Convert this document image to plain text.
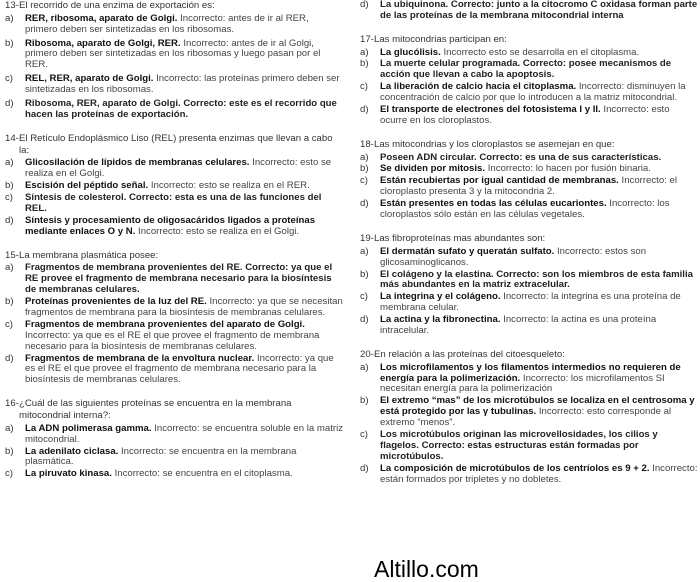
13-El recorrido de una enzima de exportación es:
a) RER, ribosoma, aparato de Golgi. Incorrecto: antes de ir al RER, primero deben ser sintetizadas en los ribosomas.
b) Ribosoma, aparato de Golgi, RER. Incorrecto: antes de ir al Golgi, primero deben ser sintetizadas en los ribosomas y luego pasan por el RER.
c) REL, RER, aparato de Golgi. Incorrecto: las proteínas primero deben ser sintetizadas en los ribosomas.
d) Ribosoma, RER, aparato de Golgi. Correcto: este es el recorrido que hacen las proteínas de exportación.
14-El Retículo Endoplásmico Liso (REL) presenta enzimas que llevan a cabo la:
a) Glicosilación de lípidos de membranas celulares. Incorrecto: esto se realiza en el Golgi.
b) Escisión del péptido señal. Incorrecto: esto se realiza en el RER.
c) Síntesis de colesterol. Correcto: esta es una de las funciones del REL.
d) Síntesis y procesamiento de oligosacáridos ligados a proteínas mediante enlaces O y N. Incorrecto: esto se realiza en el Golgi.
15-La membrana plasmática posee:
a) Fragmentos de membrana provenientes del RE. Correcto: ya que el RE provee el fragmento de membrana necesario para la biosíntesis de membranas celulares.
b) Proteínas provenientes de la luz del RE. Incorrecto: ya que se necesitan fragmentos de membrana para la biosíntesis de membranas celulares.
c) Fragmentos de membrana provenientes del aparato de Golgi. Incorrecto: ya que es el RE el que provee el fragmento de membrana necesario para la biosíntesis de membranas celulares.
d) Fragmentos de membrana de la envoltura nuclear. Incorrecto: ya que es el RE el que provee el fragmento de membrana necesario para la biosíntesis de membranas celulares.
16-¿Cuál de las siguientes proteínas se encuentra en la membrana mitocondrial interna?:
a) La ADN polimerasa gamma. Incorrecto: se encuentra soluble en la matriz mitocondrial.
b) La adenilato ciclasa. Incorrecto: se encuentra en la membrana plasmática.
c) La piruvato kinasa. Incorrecto: se encuentra en el citoplasma.
d) La ubiquinona. Correcto: junto a la citocromo C oxidasa forman parte de las proteínas de la membrana mitocondrial interna
17-Las mitocondrias participan en:
a) La glucólisis. Incorrecto esto se desarrolla en el citoplasma.
b) La muerte celular programada. Correcto: posee mecanismos de acción que llevan a cabo la apoptosis.
c) La liberación de calcio hacia el citoplasma. Incorrecto: disminuyen la concentración de calcio por que lo introducen a la matriz mitocondrial.
d) El transporte de electrones del fotosistema I y II. Incorrecto: esto ocurre en los cloroplastos.
18-Las mitocondrias y los cloroplastos se asemejan en que:
a) Poseen ADN circular. Correcto: es una de sus características.
b) Se dividen por mitosis. Incorrecto: lo hacen por fusión binaria.
c) Están recubiertas por igual cantidad de membranas. Incorrecto: el cloroplasto presenta 3 y la mitocondria 2.
d) Están presentes en todas las células eucariontes. Incorrecto: los cloroplastos sólo están en las células vegetales.
19-Las fibroproteínas mas abundantes son:
a) El dermatán sufato y queratán sulfato. Incorrecto: estos son glicosaminoglicanos.
b) El colágeno y la elastina. Correcto: son los miembros de esta familia más abundantes en la matriz extracelular.
c) La integrina y el colágeno. Incorrecto: la integrina es una proteína de membrana celular.
d) La actina y la fibronectina. Incorrecto: la actina es una proteína intracelular.
20-En relación a las proteínas del citoesqueleto:
a) Los microfilamentos y los filamentos intermedios no requieren de energía para la polimerización. Incorrecto: los microfilamentos SI necesitan energía para la polimerización
b) El extremo “mas” de los microtúbulos se localiza en el centrosoma y está protegido por las γ tubulinas. Incorrecto: esto corresponde al extremo “menos”.
c) Los microtúbulos originan las microvellosidades, los cilios y flagelos. Correcto: estas estructuras están formadas por microtúbulos.
d) La composición de microtúbulos de los centríolos es 9 + 2. Incorrecto: están formados por tripletes y no dobletes.
Altillo.com
